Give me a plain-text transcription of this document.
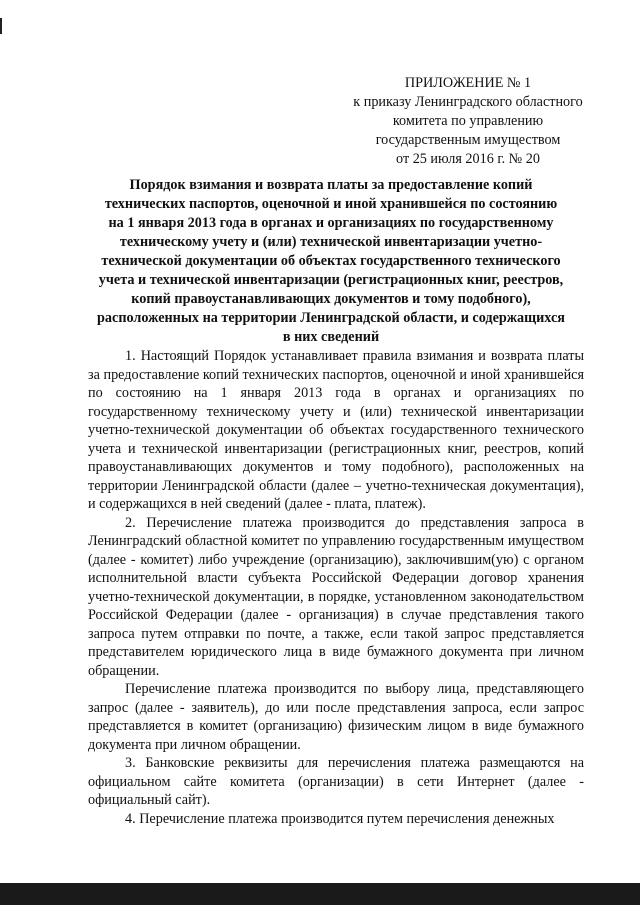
ПРИЛОЖЕНИЕ № 1
к приказу Ленинградского областного
комитета по управлению
государственным имуществом
от 25 июля 2016 г. № 20
Порядок взимания и возврата платы за предоставление копий технических паспортов, оценочной и иной хранившейся по состоянию на 1 января 2013 года в органах и организациях по государственному техническому учету и (или) технической инвентаризации учетно-технической документации об объектах государственного технического учета и технической инвентаризации (регистрационных книг, реестров, копий правоустанавливающих документов и тому подобного), расположенных на территории Ленинградской области, и содержащихся в них сведений

1. Настоящий Порядок устанавливает правила взимания и возврата платы за предоставление копий технических паспортов, оценочной и иной хранившейся по состоянию на 1 января 2013 года в органах и организациях по государственному техническому учету и (или) технической инвентаризации учетно-технической документации об объектах государственного технического учета и технической инвентаризации (регистрационных книг, реестров, копий правоустанавливающих документов и тому подобного), расположенных на территории Ленинградской области (далее – учетно-техническая документация), и содержащихся в ней сведений (далее - плата, платеж).

2. Перечисление платежа производится до представления запроса в Ленинградский областной комитет по управлению государственным имуществом (далее - комитет) либо учреждение (организацию), заключившим(ую) с органом исполнительной власти субъекта Российской Федерации договор хранения учетно-технической документации, в порядке, установленном законодательством Российской Федерации (далее - организация) в случае представления такого запроса путем отправки по почте, а также, если такой запрос представляется представителем юридического лица в виде бумажного документа при личном обращении.

Перечисление платежа производится по выбору лица, представляющего запрос (далее - заявитель), до или после представления запроса, если запрос представляется в комитет (организацию) физическим лицом в виде бумажного документа при личном обращении.

3. Банковские реквизиты для перечисления платежа размещаются на официальном сайте комитета (организации) в сети Интернет (далее - официальный сайт).

4. Перечисление платежа производится путем перечисления денежных
